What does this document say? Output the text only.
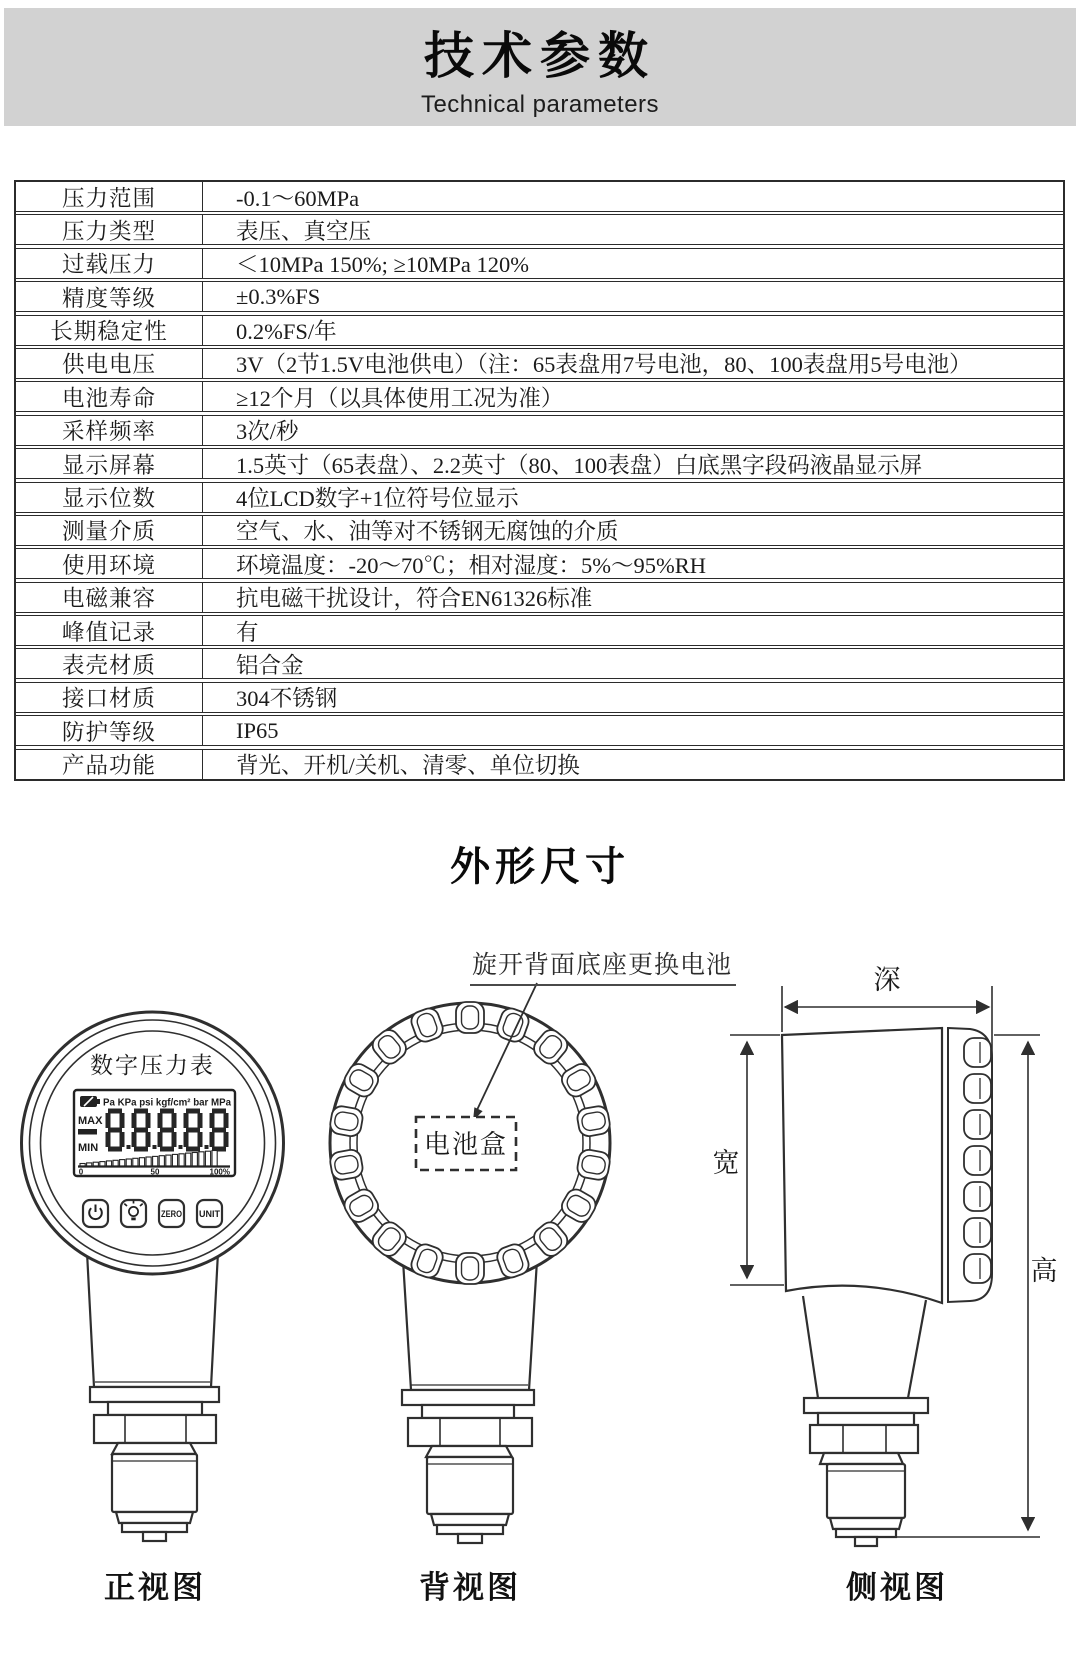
技术参数
Technical parameters
压力范围	-0.1～60MPa
压力类型	表压、真空压
过载压力	＜10MPa 150%; ≥10MPa 120%
精度等级	±0.3%FS
长期稳定性	0.2%FS/年
供电电压	3V（2节1.5V电池供电）（注：65表盘用7号电池，80、100表盘用5号电池）
电池寿命	≥12个月（以具体使用工况为准）
采样频率	3次/秒
显示屏幕	1.5英寸（65表盘）、2.2英寸（80、100表盘）白底黑字段码液晶显示屏
显示位数	4位LCD数字+1位符号位显示
测量介质	空气、水、油等对不锈钢无腐蚀的介质
使用环境	环境温度：-20～70℃；相对湿度：5%～95%RH
电磁兼容	抗电磁干扰设计，符合EN61326标准
峰值记录	有
表壳材质	铝合金
接口材质	304不锈钢
防护等级	IP65
产品功能	背光、开机/关机、清零、单位切换
外形尺寸
数字压力表
Pa KPa psi kgf/cm² bar MPa
MAX
MIN
0	50	100%
ZERO UNIT
电池盒
深
宽
高
旋开背面底座更换电池
正视图	背视图	侧视图
